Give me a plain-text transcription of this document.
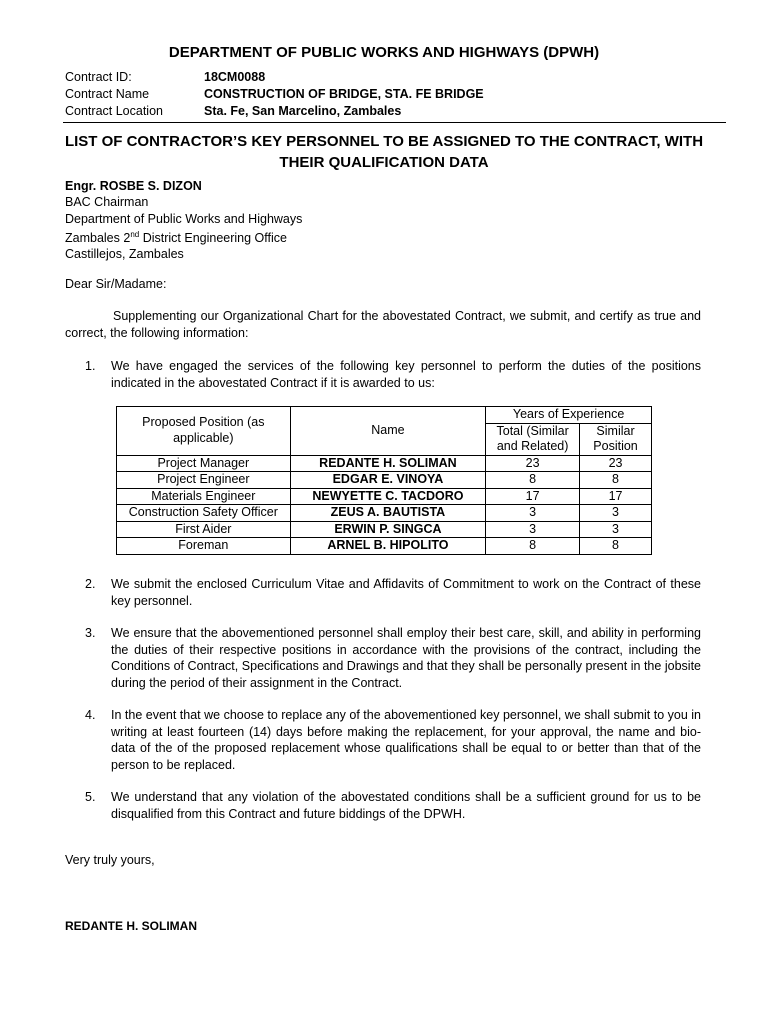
DEPARTMENT OF PUBLIC WORKS AND HIGHWAYS (DPWH)
Contract ID:	18CM0088
Contract Name	CONSTRUCTION OF BRIDGE, STA. FE BRIDGE
Contract Location	Sta. Fe, San Marcelino, Zambales
LIST OF CONTRACTOR’S KEY PERSONNEL TO BE ASSIGNED TO THE CONTRACT, WITH
THEIR QUALIFICATION DATA
Engr. ROSBE S. DIZON
BAC Chairman
Department of Public Works and Highways
Zambales 2nd District Engineering Office
Castillejos, Zambales
Dear Sir/Madame:
Supplementing our Organizational Chart for the abovestated Contract, we submit, and certify as true and correct, the following information:
1. We have engaged the services of the following key personnel to perform the duties of the positions indicated in the abovestated Contract if it is awarded to us:
Proposed Position (as applicable)	Name	Years of Experience	
		Total (Similar and Related)	Similar Position

Project Manager	REDANTE H. SOLIMAN	23	23
Project Engineer	EDGAR E. VINOYA	8	8
Materials Engineer	NEWYETTE C. TACDORO	17	17
Construction Safety Officer	ZEUS A. BAUTISTA	3	3
First Aider	ERWIN P. SINGCA	3	3
Foreman	ARNEL B. HIPOLITO	8	8
2. We submit the enclosed Curriculum Vitae and Affidavits of Commitment to work on the Contract of these key personnel.
3. We ensure that the abovementioned personnel shall employ their best care, skill, and ability in performing the duties of their respective positions in accordance with the provisions of the contract, including the Conditions of Contract, Specifications and Drawings and that they shall be personally present in the jobsite during the period of their assignment in the Contract.
4. In the event that we choose to replace any of the abovementioned key personnel, we shall submit to you in writing at least fourteen (14) days before making the replacement, for your approval, the name and bio-data of the of the proposed replacement whose qualifications shall be equal to or better than that of the person to be replaced.
5. We understand that any violation of the abovestated conditions shall be a sufficient ground for us to be disqualified from this Contract and future biddings of the DPWH.
Very truly yours,
REDANTE H. SOLIMAN
